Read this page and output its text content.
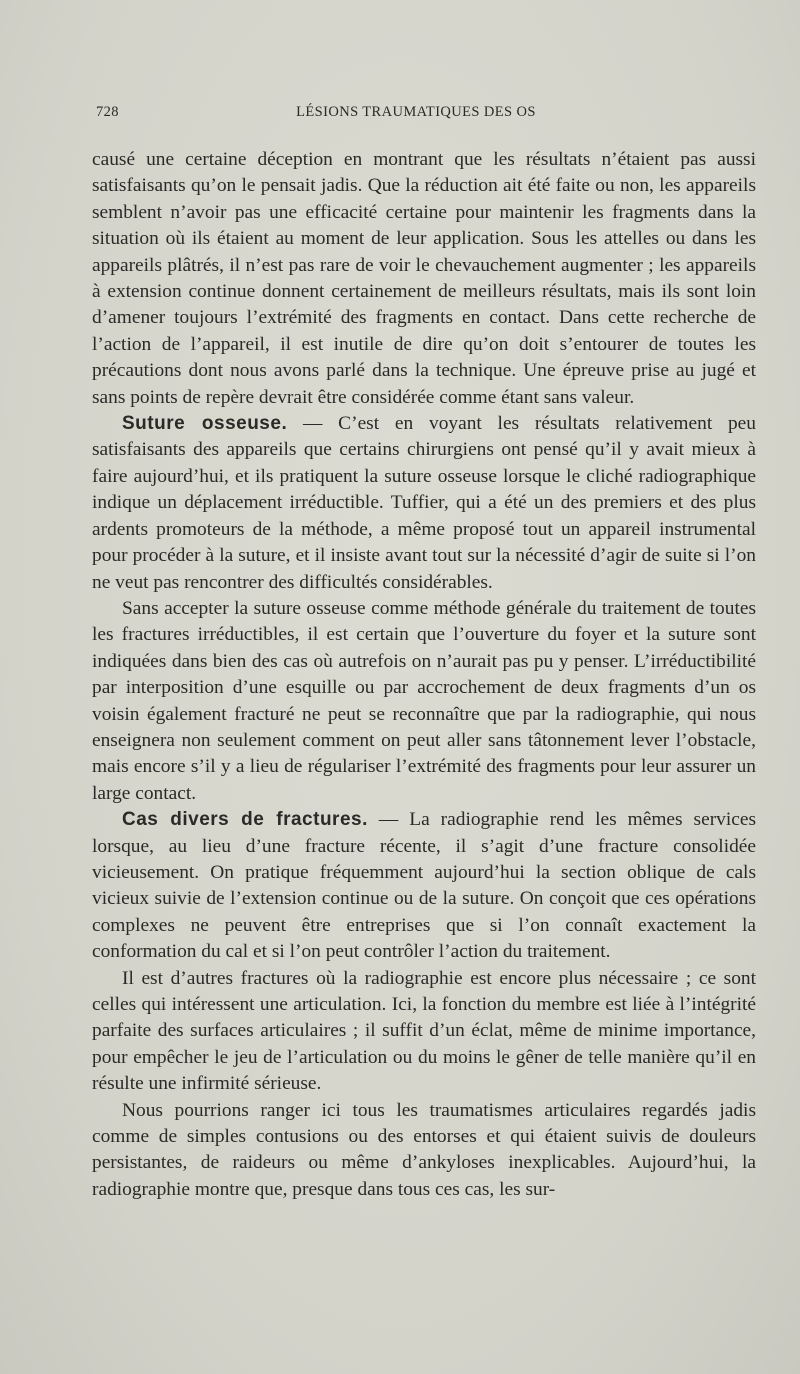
728	LÉSIONS TRAUMATIQUES DES OS

causé une certaine déception en montrant que les résultats n’étaient pas aussi satisfaisants qu’on le pensait jadis. Que la réduction ait été faite ou non, les appareils semblent n’avoir pas une efficacité certaine pour maintenir les fragments dans la situation où ils étaient au moment de leur application. Sous les attelles ou dans les appareils plâtrés, il n’est pas rare de voir le chevauchement augmenter ; les appareils à extension continue donnent certainement de meilleurs résultats, mais ils sont loin d’amener toujours l’extrémité des fragments en contact. Dans cette recherche de l’action de l’appareil, il est inutile de dire qu’on doit s’entourer de toutes les précautions dont nous avons parlé dans la technique. Une épreuve prise au jugé et sans points de repère devrait être considérée comme étant sans valeur.

Suture osseuse. — C’est en voyant les résultats relativement peu satisfaisants des appareils que certains chirurgiens ont pensé qu’il y avait mieux à faire aujourd’hui, et ils pratiquent la suture osseuse lorsque le cliché radiographique indique un déplacement irréductible. Tuffier, qui a été un des premiers et des plus ardents promoteurs de la méthode, a même proposé tout un appareil instrumental pour procéder à la suture, et il insiste avant tout sur la nécessité d’agir de suite si l’on ne veut pas rencontrer des difficultés considérables.

Sans accepter la suture osseuse comme méthode générale du traitement de toutes les fractures irréductibles, il est certain que l’ouverture du foyer et la suture sont indiquées dans bien des cas où autrefois on n’aurait pas pu y penser. L’irréductibilité par interposition d’une esquille ou par accrochement de deux fragments d’un os voisin également fracturé ne peut se reconnaître que par la radiographie, qui nous enseignera non seulement comment on peut aller sans tâtonnement lever l’obstacle, mais encore s’il y a lieu de régulariser l’extrémité des fragments pour leur assurer un large contact.

Cas divers de fractures. — La radiographie rend les mêmes services lorsque, au lieu d’une fracture récente, il s’agit d’une fracture consolidée vicieusement. On pratique fréquemment aujourd’hui la section oblique de cals vicieux suivie de l’extension continue ou de la suture. On conçoit que ces opérations complexes ne peuvent être entreprises que si l’on connaît exactement la conformation du cal et si l’on peut contrôler l’action du traitement.

Il est d’autres fractures où la radiographie est encore plus nécessaire ; ce sont celles qui intéressent une articulation. Ici, la fonction du membre est liée à l’intégrité parfaite des surfaces articulaires ; il suffit d’un éclat, même de minime importance, pour empêcher le jeu de l’articulation ou du moins le gêner de telle manière qu’il en résulte une infirmité sérieuse.

Nous pourrions ranger ici tous les traumatismes articulaires regardés jadis comme de simples contusions ou des entorses et qui étaient suivis de douleurs persistantes, de raideurs ou même d’ankyloses inexplicables. Aujourd’hui, la radiographie montre que, presque dans tous ces cas, les sur-
